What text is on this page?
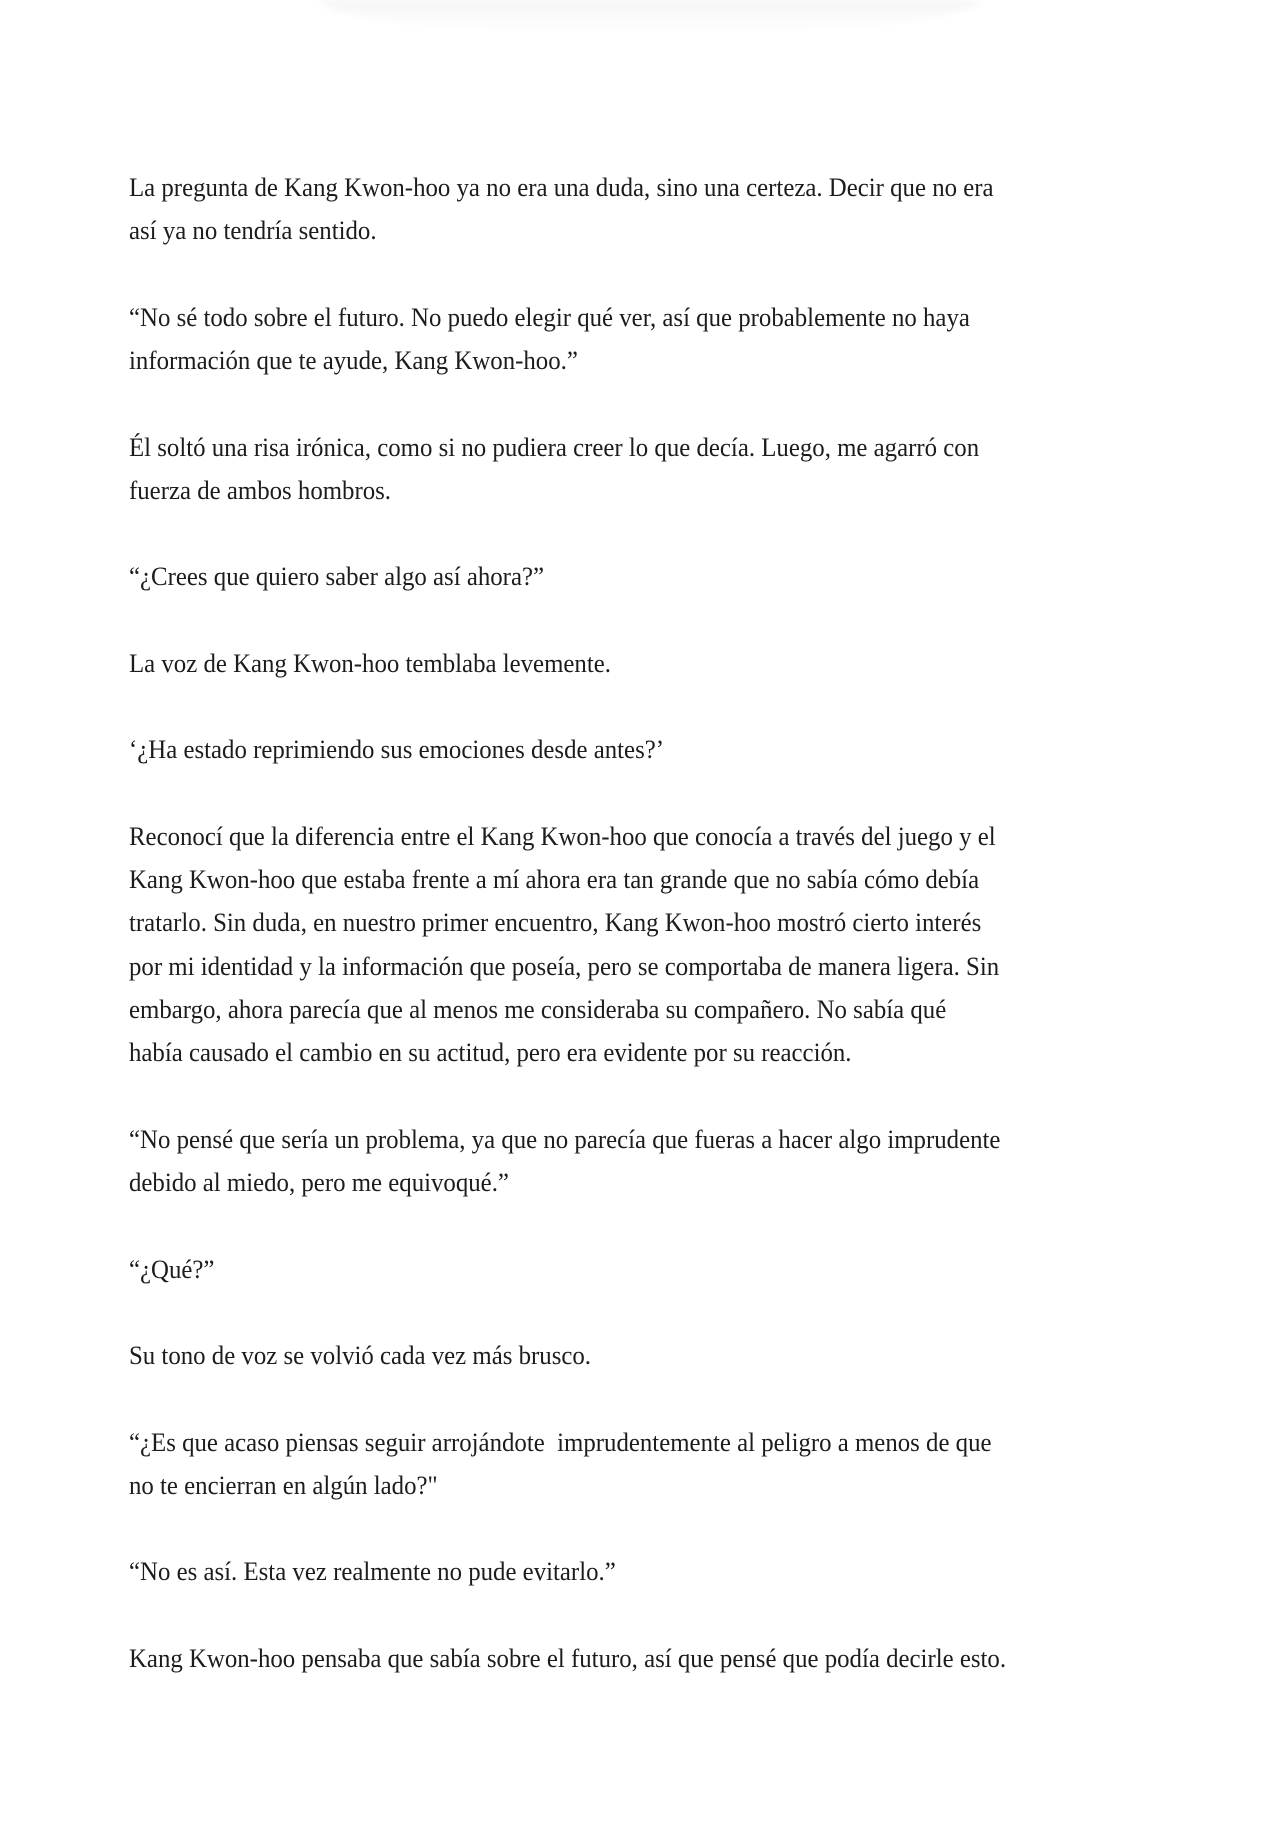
La pregunta de Kang Kwon-hoo ya no era una duda, sino una certeza. Decir que no era
así ya no tendría sentido.
“No sé todo sobre el futuro. No puedo elegir qué ver, así que probablemente no haya
información que te ayude, Kang Kwon-hoo.”
Él soltó una risa irónica, como si no pudiera creer lo que decía. Luego, me agarró con
fuerza de ambos hombros.
“¿Crees que quiero saber algo así ahora?”
La voz de Kang Kwon-hoo temblaba levemente.
‘¿Ha estado reprimiendo sus emociones desde antes?’
Reconocí que la diferencia entre el Kang Kwon-hoo que conocía a través del juego y el
Kang Kwon-hoo que estaba frente a mí ahora era tan grande que no sabía cómo debía
tratarlo. Sin duda, en nuestro primer encuentro, Kang Kwon-hoo mostró cierto interés
por mi identidad y la información que poseía, pero se comportaba de manera ligera. Sin
embargo, ahora parecía que al menos me consideraba su compañero. No sabía qué
había causado el cambio en su actitud, pero era evidente por su reacción.
“No pensé que sería un problema, ya que no parecía que fueras a hacer algo imprudente
debido al miedo, pero me equivoqué.”
“¿Qué?”
Su tono de voz se volvió cada vez más brusco.
“¿Es que acaso piensas seguir arrojándote  imprudentemente al peligro a menos de que
no te encierran en algún lado?"
“No es así. Esta vez realmente no pude evitarlo.”
Kang Kwon-hoo pensaba que sabía sobre el futuro, así que pensé que podía decirle esto.
